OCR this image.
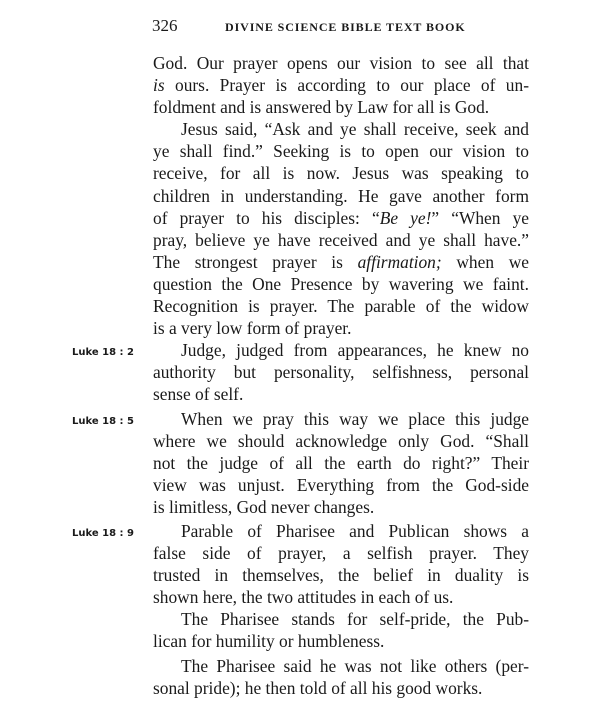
326	DIVINE SCIENCE BIBLE TEXT BOOK
God. Our prayer opens our vision to see all that
is ours. Prayer is according to our place of un-
foldment and is answered by Law for all is God.
Jesus said, “Ask and ye shall receive, seek and
ye shall find.” Seeking is to open our vision to
receive, for all is now. Jesus was speaking to
children in understanding. He gave another form
of prayer to his disciples: “Be ye!” “When ye
pray, believe ye have received and ye shall have.”
The strongest prayer is affirmation; when we
question the One Presence by wavering we faint.
Recognition is prayer. The parable of the widow
is a very low form of prayer.
Luke 18 : 2	Judge, judged from appearances, he knew no
authority but personality, selfishness, personal
sense of self.
Luke 18 : 5	When we pray this way we place this judge
where we should acknowledge only God. “Shall
not the judge of all the earth do right?” Their
view was unjust. Everything from the God-side
is limitless, God never changes.
Luke 18 : 9	Parable of Pharisee and Publican shows a
false side of prayer, a selfish prayer. They
trusted in themselves, the belief in duality is
shown here, the two attitudes in each of us.
The Pharisee stands for self-pride, the Pub-
lican for humility or humbleness.
The Pharisee said he was not like others (per-
sonal pride); he then told of all his good works.
